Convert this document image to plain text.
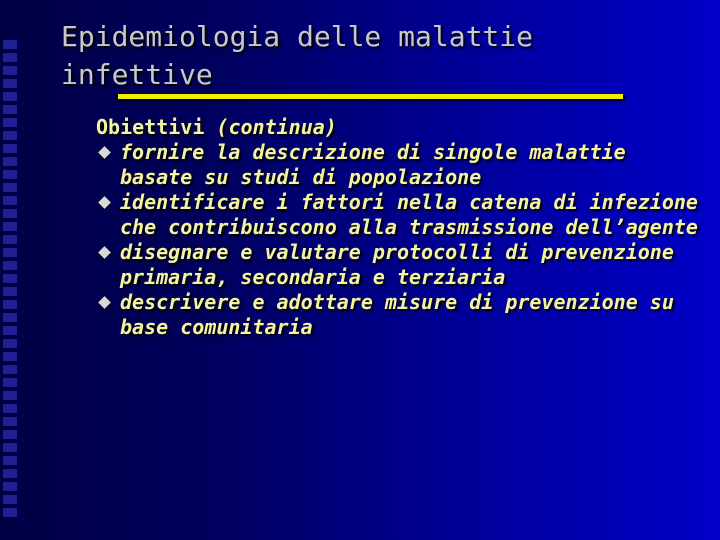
Epidemiologia delle malattie
infettive
Obiettivi (continua)
fornire la descrizione di singole malattie basate su studi di popolazione
identificare i fattori nella catena di infezione che contribuiscono alla trasmissione dell’agente
disegnare e valutare protocolli di prevenzione primaria, secondaria e terziaria
descrivere e adottare misure di prevenzione su base comunitaria
